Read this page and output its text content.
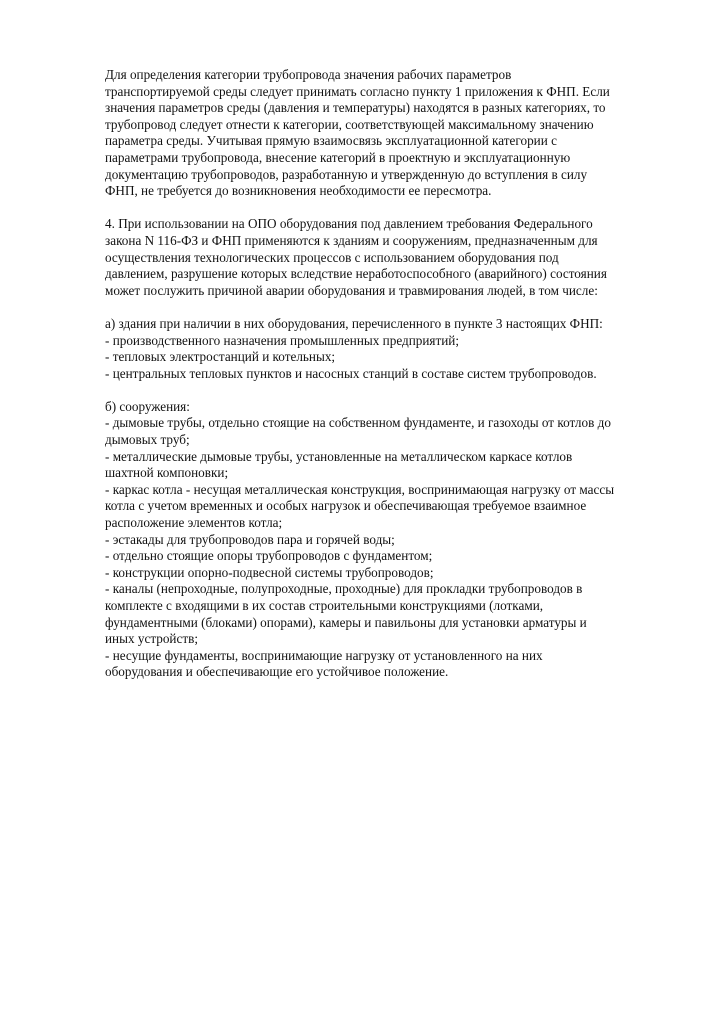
Для определения категории трубопровода значения рабочих параметров
транспортируемой среды следует принимать согласно пункту 1 приложения к ФНП. Если
значения параметров среды (давления и температуры) находятся в разных категориях, то
трубопровод следует отнести к категории, соответствующей максимальному значению
параметра среды. Учитывая прямую взаимосвязь эксплуатационной категории с
параметрами трубопровода, внесение категорий в проектную и эксплуатационную
документацию трубопроводов, разработанную и утвержденную до вступления в силу
ФНП, не требуется до возникновения необходимости ее пересмотра.
4. При использовании на ОПО оборудования под давлением требования Федерального
закона N 116-ФЗ и ФНП применяются к зданиям и сооружениям, предназначенным для
осуществления технологических процессов с использованием оборудования под
давлением, разрушение которых вследствие неработоспособного (аварийного) состояния
может послужить причиной аварии оборудования и травмирования людей, в том числе:
а) здания при наличии в них оборудования, перечисленного в пункте 3 настоящих ФНП:
- производственного назначения промышленных предприятий;
- тепловых электростанций и котельных;
- центральных тепловых пунктов и насосных станций в составе систем трубопроводов.
б) сооружения:
- дымовые трубы, отдельно стоящие на собственном фундаменте, и газоходы от котлов до
дымовых труб;
- металлические дымовые трубы, установленные на металлическом каркасе котлов
шахтной компоновки;
- каркас котла - несущая металлическая конструкция, воспринимающая нагрузку от массы
котла с учетом временных и особых нагрузок и обеспечивающая требуемое взаимное
расположение элементов котла;
- эстакады для трубопроводов пара и горячей воды;
- отдельно стоящие опоры трубопроводов с фундаментом;
- конструкции опорно-подвесной системы трубопроводов;
- каналы (непроходные, полупроходные, проходные) для прокладки трубопроводов в
комплекте с входящими в их состав строительными конструкциями (лотками,
фундаментными (блоками) опорами), камеры и павильоны для установки арматуры и
иных устройств;
- несущие фундаменты, воспринимающие нагрузку от установленного на них
оборудования и обеспечивающие его устойчивое положение.
